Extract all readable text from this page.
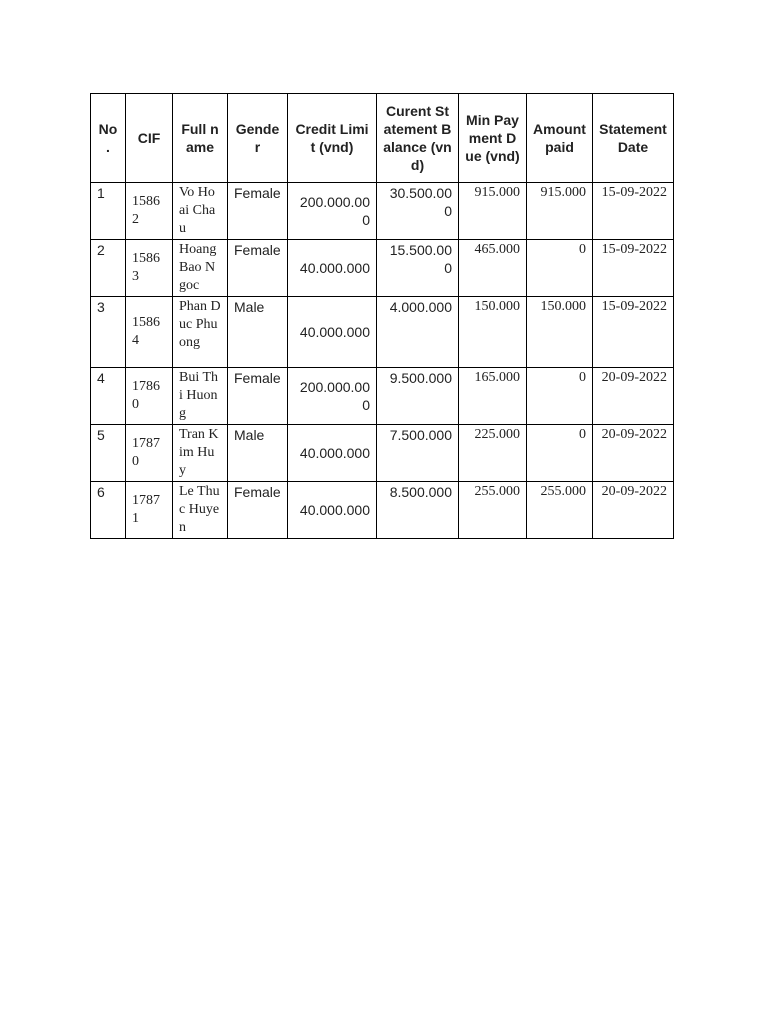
No .	CIF	Full name	Gender	Credit Limit (vnd)	Curent Statement Balance (vnd)	Min Payment Due (vnd)	Amount paid	Statement Date
1	15862	Vo Hoai Chau	Female	200.000.000	30.500.000	915.000	915.000	15-09-2022
2	15863	Hoang Bao Ngoc	Female	40.000.000	15.500.000	465.000	0	15-09-2022
3	15864	Phan Duc Phuong	Male	40.000.000	4.000.000	150.000	150.000	15-09-2022
4	17860	Bui Thi Huong	Female	200.000.000	9.500.000	165.000	0	20-09-2022
5	17870	Tran Kim Huy	Male	40.000.000	7.500.000	225.000	0	20-09-2022
6	17871	Le Thuc Huyen	Female	40.000.000	8.500.000	255.000	255.000	20-09-2022
